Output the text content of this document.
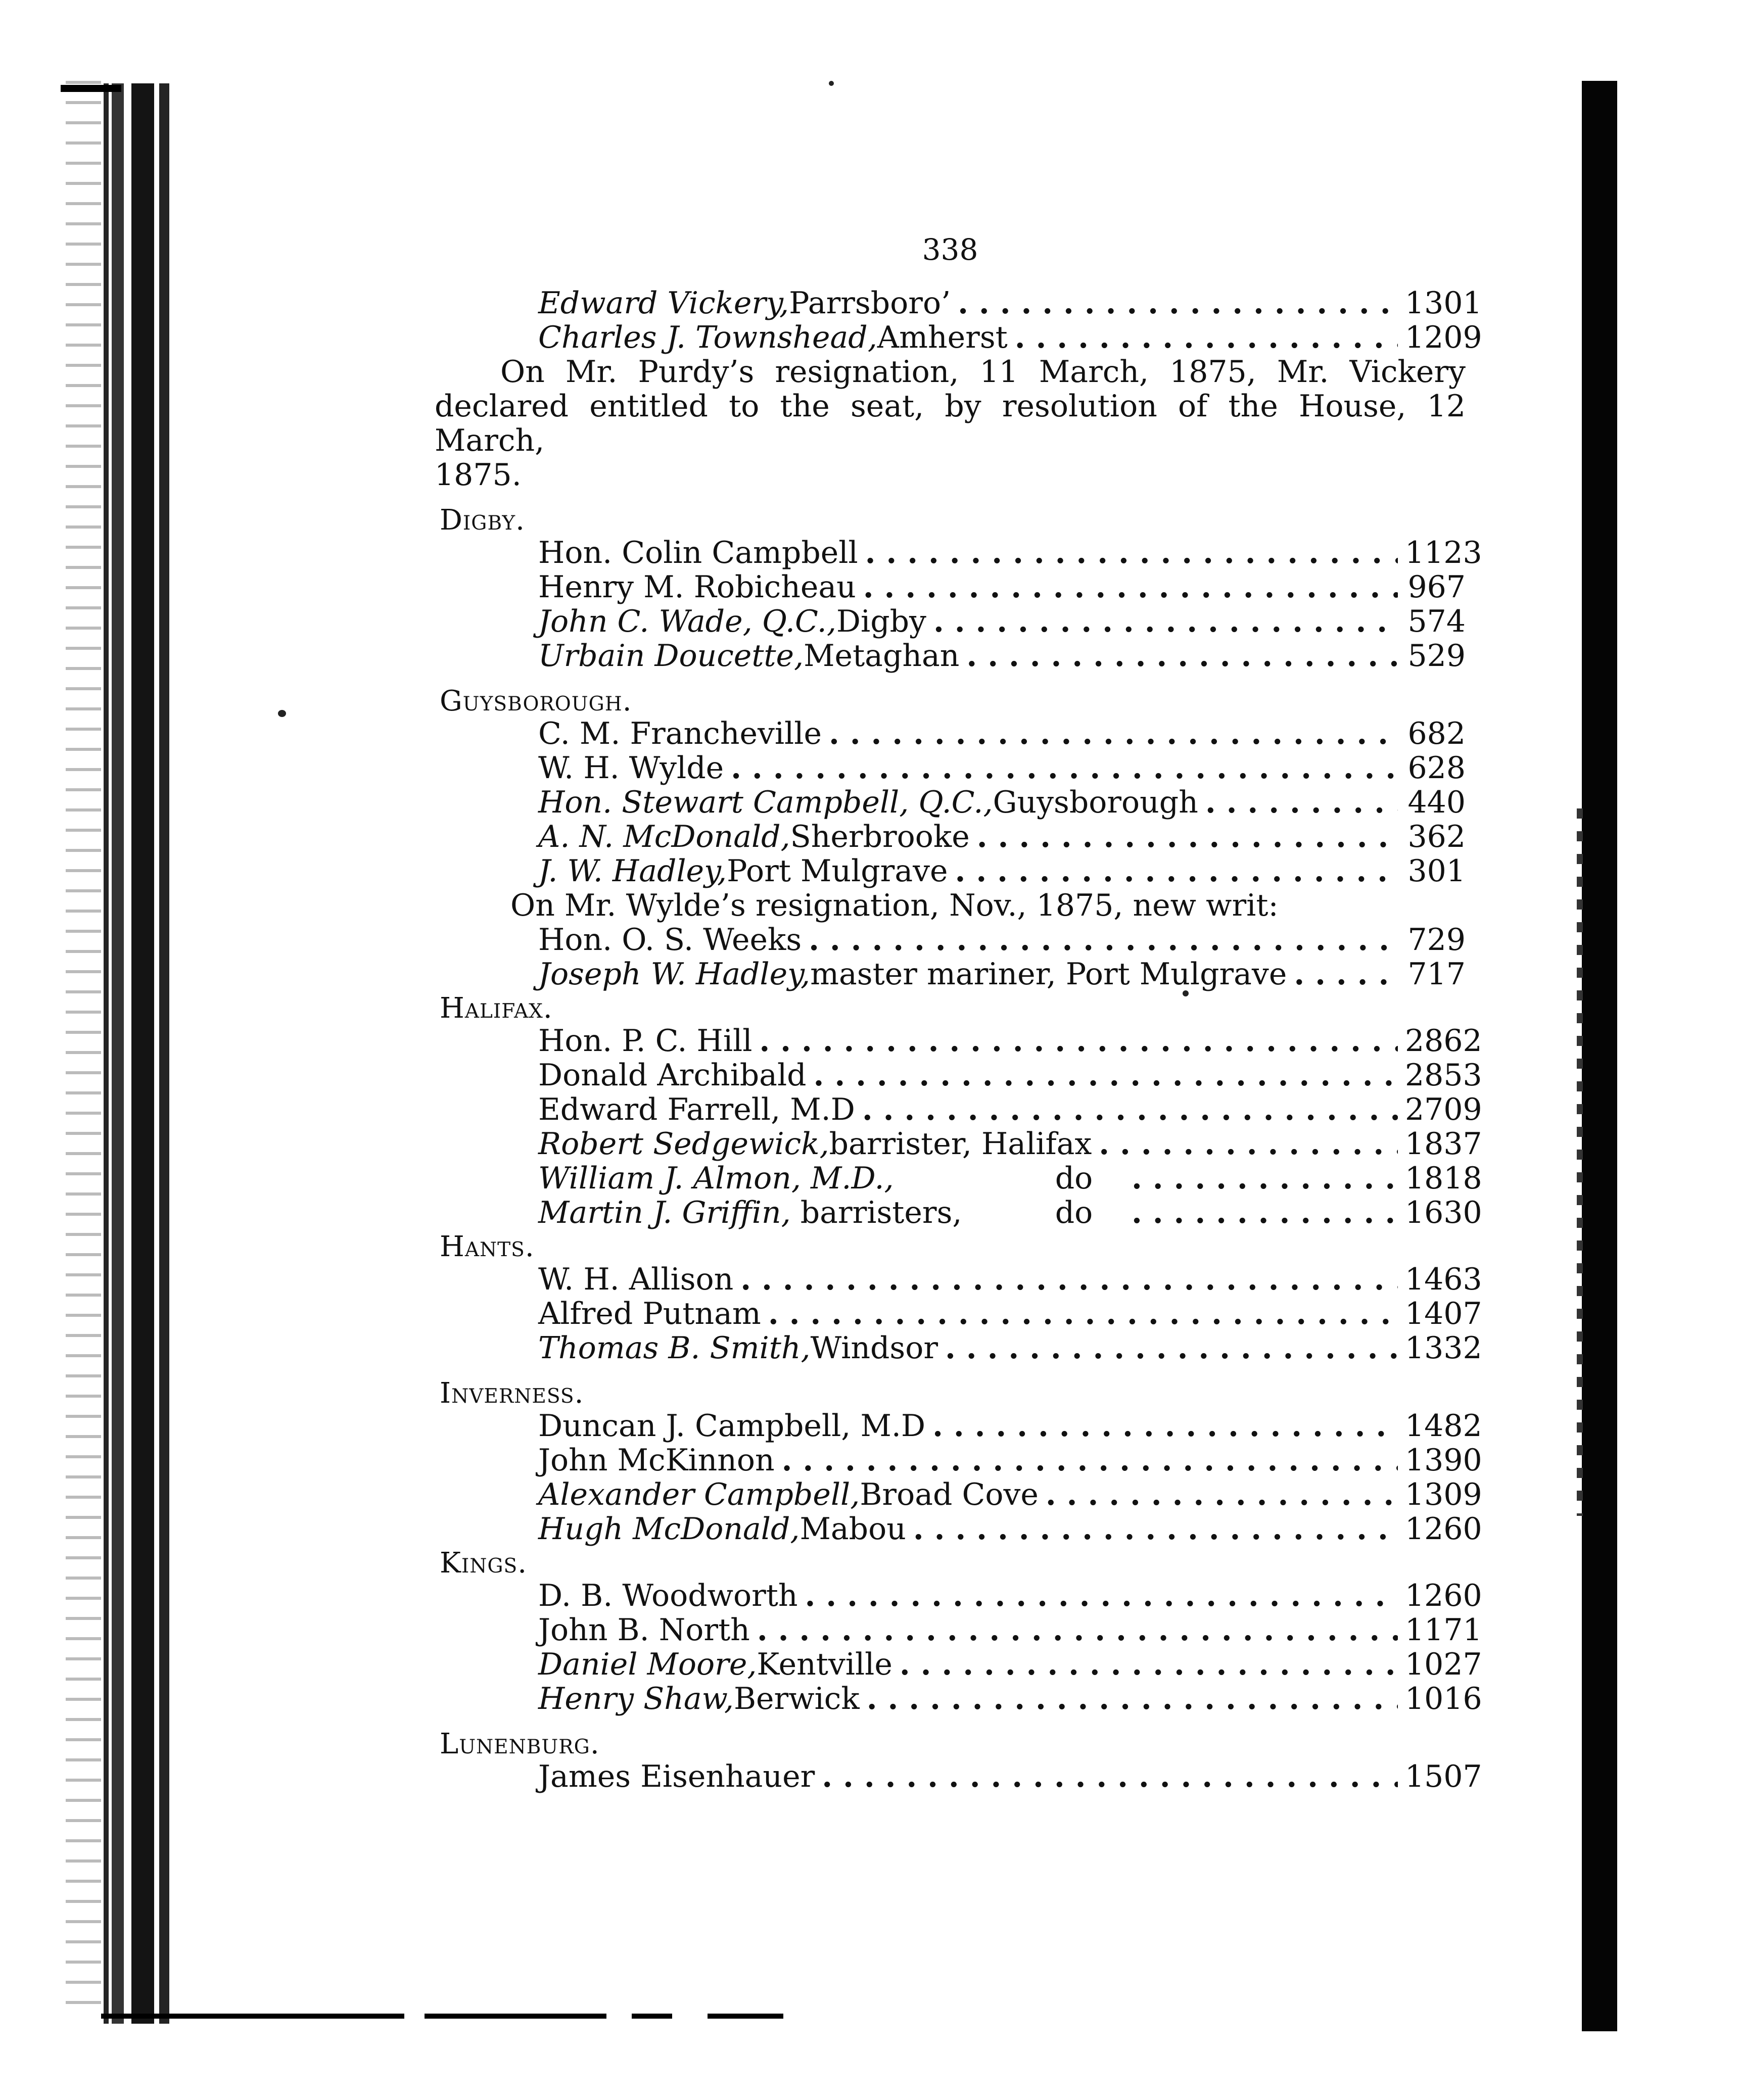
338
Edward Vickery, Parrsboro’ . . .	1301
Charles J. Townshead, Amherst . . .	1209
On Mr. Purdy’s resignation, 11 March, 1875, Mr. Vickery
declared entitled to the seat, by resolution of the House, 12 March,
1875.
Digby.
Hon. Colin Campbell . . .	1123
Henry M. Robicheau . . .	967
John C. Wade, Q.C., Digby . . .	574
Urbain Doucette, Metaghan . . .	529
Guysborough.
C. M. Francheville . . .	682
W. H. Wylde . . .	628
Hon. Stewart Campbell, Q.C., Guysborough . . .	440
A. N. McDonald, Sherbrooke . . .	362
J. W. Hadley, Port Mulgrave . . .	301
On Mr. Wylde’s resignation, Nov., 1875, new writ:
Hon. O. S. Weeks . . .	729
Joseph W. Hadley, master mariner, Port Mulgrave . . .	717
Halifax.
Hon. P. C. Hill . . .	2862
Donald Archibald . . .	2853
Edward Farrell, M.D . . .	2709
Robert Sedgewick, barrister, Halifax . . .	1837
William J. Almon, M.D.,	do . . .	1818
Martin J. Griffin, barristers,	do . . .	1630
Hants.
W. H. Allison . . .	1463
Alfred Putnam . . .	1407
Thomas B. Smith, Windsor . . .	1332
Inverness.
Duncan J. Campbell, M.D . . .	1482
John McKinnon . . .	1390
Alexander Campbell, Broad Cove . . .	1309
Hugh McDonald, Mabou . . .	1260
Kings.
D. B. Woodworth . . .	1260
John B. North . . .	1171
Daniel Moore, Kentville . . .	1027
Henry Shaw, Berwick . . .	1016
Lunenburg.
James Eisenhauer . . .	1507
